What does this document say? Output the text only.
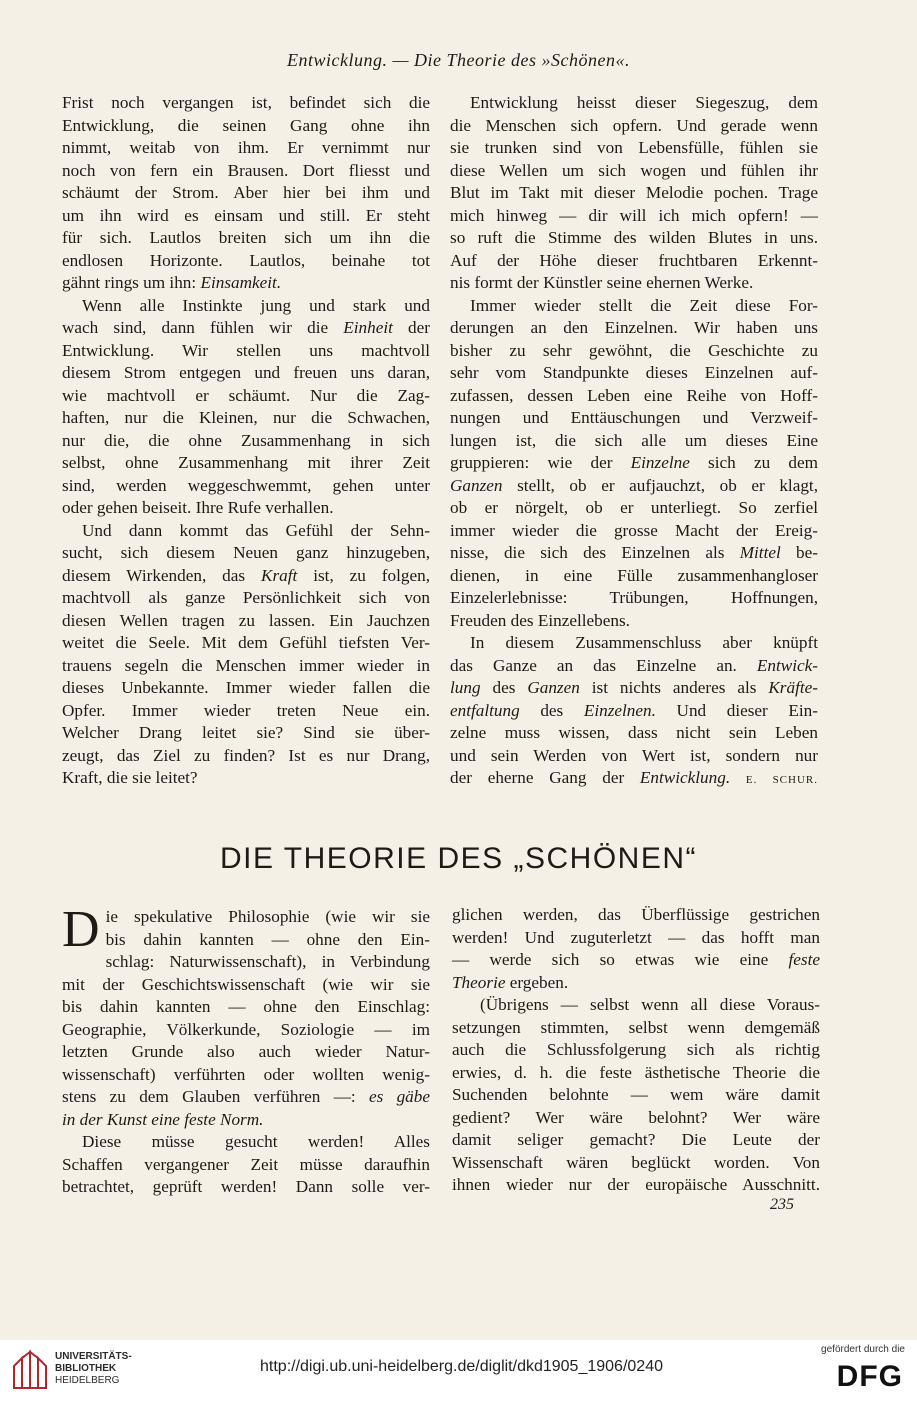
Entwicklung. — Die Theorie des »Schönen«.

Frist noch vergangen ist, befindet sich die
Entwicklung, die seinen Gang ohne ihn
nimmt, weitab von ihm. Er vernimmt nur
noch von fern ein Brausen. Dort fliesst und
schäumt der Strom. Aber hier bei ihm und
um ihn wird es einsam und still. Er steht
für sich. Lautlos breiten sich um ihn die
endlosen Horizonte. Lautlos, beinahe tot
gähnt rings um ihn: Einsamkeit.

Wenn alle Instinkte jung und stark und
wach sind, dann fühlen wir die Einheit der
Entwicklung. Wir stellen uns machtvoll
diesem Strom entgegen und freuen uns daran,
wie machtvoll er schäumt. Nur die Zag-
haften, nur die Kleinen, nur die Schwachen,
nur die, die ohne Zusammenhang in sich
selbst, ohne Zusammenhang mit ihrer Zeit
sind, werden weggeschwemmt, gehen unter
oder gehen beiseit. Ihre Rufe verhallen.

Und dann kommt das Gefühl der Sehn-
sucht, sich diesem Neuen ganz hinzugeben,
diesem Wirkenden, das Kraft ist, zu folgen,
machtvoll als ganze Persönlichkeit sich von
diesen Wellen tragen zu lassen. Ein Jauchzen
weitet die Seele. Mit dem Gefühl tiefsten Ver-
trauens segeln die Menschen immer wieder in
dieses Unbekannte. Immer wieder fallen die
Opfer. Immer wieder treten Neue ein.
Welcher Drang leitet sie? Sind sie über-
zeugt, das Ziel zu finden? Ist es nur Drang,
Kraft, die sie leitet?

Entwicklung heisst dieser Siegeszug, dem
die Menschen sich opfern. Und gerade wenn
sie trunken sind von Lebensfülle, fühlen sie
diese Wellen um sich wogen und fühlen ihr
Blut im Takt mit dieser Melodie pochen. Trage
mich hinweg — dir will ich mich opfern! —
so ruft die Stimme des wilden Blutes in uns.
Auf der Höhe dieser fruchtbaren Erkennt-
nis formt der Künstler seine ehernen Werke.

Immer wieder stellt die Zeit diese For-
derungen an den Einzelnen. Wir haben uns
bisher zu sehr gewöhnt, die Geschichte zu
sehr vom Standpunkte dieses Einzelnen auf-
zufassen, dessen Leben eine Reihe von Hoff-
nungen und Enttäuschungen und Verzweif-
lungen ist, die sich alle um dieses Eine
gruppieren: wie der Einzelne sich zu dem
Ganzen stellt, ob er aufjauchzt, ob er klagt,
ob er nörgelt, ob er unterliegt. So zerfiel
immer wieder die grosse Macht der Ereig-
nisse, die sich des Einzelnen als Mittel be-
dienen, in eine Fülle zusammenhangloser
Einzelerlebnisse: Trübungen, Hoffnungen,
Freuden des Einzellebens.

In diesem Zusammenschluss aber knüpft
das Ganze an das Einzelne an. Entwick-
lung des Ganzen ist nichts anderes als Kräfte-
entfaltung des Einzelnen. Und dieser Ein-
zelne muss wissen, dass nicht sein Leben
und sein Werden von Wert ist, sondern nur
der eherne Gang der Entwicklung. E. SCHUR.

DIE THEORIE DES „SCHÖNEN“

D ie spekulative Philosophie (wie wir sie
bis dahin kannten — ohne den Ein-
schlag: Naturwissenschaft), in Verbindung
mit der Geschichtswissenschaft (wie wir sie
bis dahin kannten — ohne den Einschlag:
Geographie, Völkerkunde, Soziologie — im
letzten Grunde also auch wieder Natur-
wissenschaft) verführten oder wollten wenig-
stens zu dem Glauben verführen —: es gäbe
in der Kunst eine feste Norm.

Diese müsse gesucht werden! Alles
Schaffen vergangener Zeit müsse daraufhin
betrachtet, geprüft werden! Dann solle ver-

glichen werden, das Überflüssige gestrichen
werden! Und zuguterletzt — das hofft man
— werde sich so etwas wie eine feste
Theorie ergeben.

(Übrigens — selbst wenn all diese Voraus-
setzungen stimmten, selbst wenn demgemäß
auch die Schlussfolgerung sich als richtig
erwies, d. h. die feste ästhetische Theorie die
Suchenden belohnte — wem wäre damit
gedient? Wer wäre belohnt? Wer wäre
damit seliger gemacht? Die Leute der
Wissenschaft wären beglückt worden. Von
ihnen wieder nur der europäische Ausschnitt.

235
UNIVERSITÄTS-
BIBLIOTHEK
HEIDELBERG
http://digi.ub.uni-heidelberg.de/diglit/dkd1905_1906/0240
gefördert durch die
DFG
